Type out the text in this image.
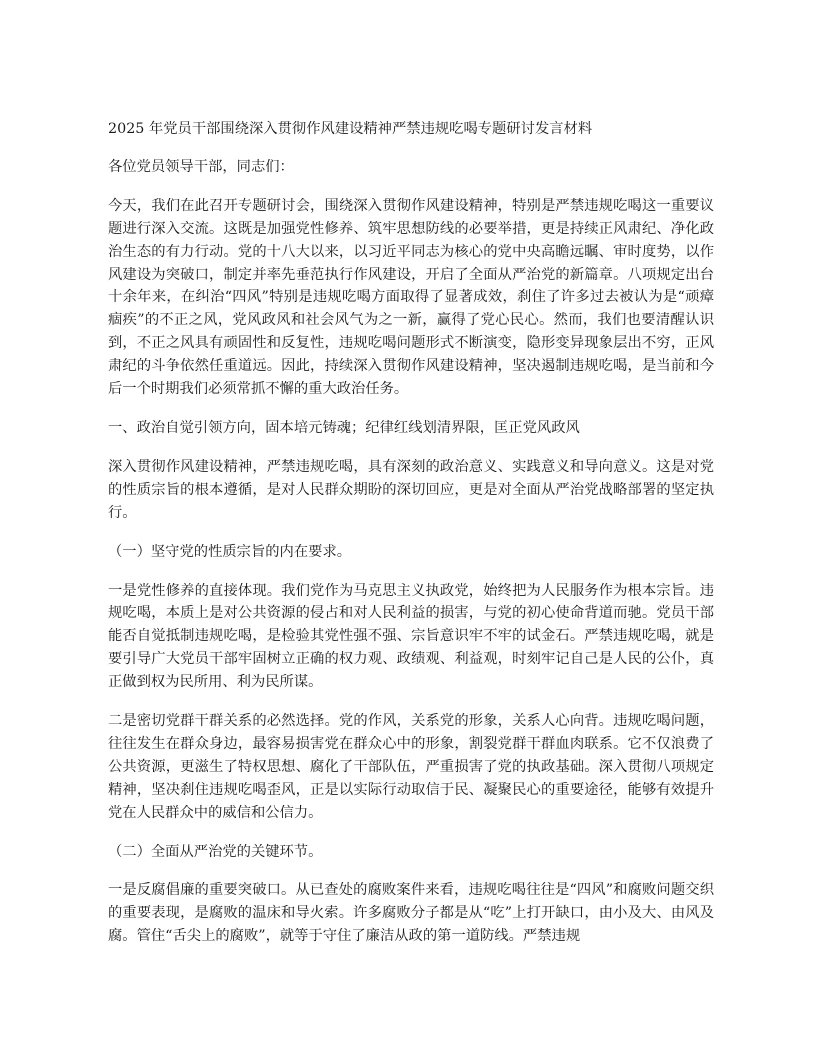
2025 年党员干部围绕深入贯彻作风建设精神严禁违规吃喝专题研讨发言材料

各位党员领导干部，同志们：

今天，我们在此召开专题研讨会，围绕深入贯彻作风建设精神，特别是严禁违规吃喝这一重要议题进行深入交流。这既是加强党性修养、筑牢思想防线的必要举措，更是持续正风肃纪、净化政治生态的有力行动。党的十八大以来，以习近平同志为核心的党中央高瞻远瞩、审时度势，以作风建设为突破口，制定并率先垂范执行作风建设，开启了全面从严治党的新篇章。八项规定出台十余年来，在纠治“四风”特别是违规吃喝方面取得了显著成效，刹住了许多过去被认为是“顽瘴痼疾”的不正之风，党风政风和社会风气为之一新，赢得了党心民心。然而，我们也要清醒认识到，不正之风具有顽固性和反复性，违规吃喝问题形式不断演变，隐形变异现象层出不穷，正风肃纪的斗争依然任重道远。因此，持续深入贯彻作风建设精神，坚决遏制违规吃喝，是当前和今后一个时期我们必须常抓不懈的重大政治任务。

一、政治自觉引领方向，固本培元铸魂；纪律红线划清界限，匡正党风政风

深入贯彻作风建设精神，严禁违规吃喝，具有深刻的政治意义、实践意义和导向意义。这是对党的性质宗旨的根本遵循，是对人民群众期盼的深切回应，更是对全面从严治党战略部署的坚定执行。

（一）坚守党的性质宗旨的内在要求。

一是党性修养的直接体现。我们党作为马克思主义执政党，始终把为人民服务作为根本宗旨。违规吃喝，本质上是对公共资源的侵占和对人民利益的损害，与党的初心使命背道而驰。党员干部能否自觉抵制违规吃喝，是检验其党性强不强、宗旨意识牢不牢的试金石。严禁违规吃喝，就是要引导广大党员干部牢固树立正确的权力观、政绩观、利益观，时刻牢记自己是人民的公仆，真正做到权为民所用、利为民所谋。

二是密切党群干群关系的必然选择。党的作风，关系党的形象，关系人心向背。违规吃喝问题，往往发生在群众身边，最容易损害党在群众心中的形象，割裂党群干群血肉联系。它不仅浪费了公共资源，更滋生了特权思想、腐化了干部队伍，严重损害了党的执政基础。深入贯彻八项规定精神，坚决刹住违规吃喝歪风，正是以实际行动取信于民、凝聚民心的重要途径，能够有效提升党在人民群众中的威信和公信力。

（二）全面从严治党的关键环节。

一是反腐倡廉的重要突破口。从已查处的腐败案件来看，违规吃喝往往是“四风”和腐败问题交织的重要表现，是腐败的温床和导火索。许多腐败分子都是从“吃”上打开缺口，由小及大、由风及腐。管住“舌尖上的腐败”，就等于守住了廉洁从政的第一道防线。严禁违规
